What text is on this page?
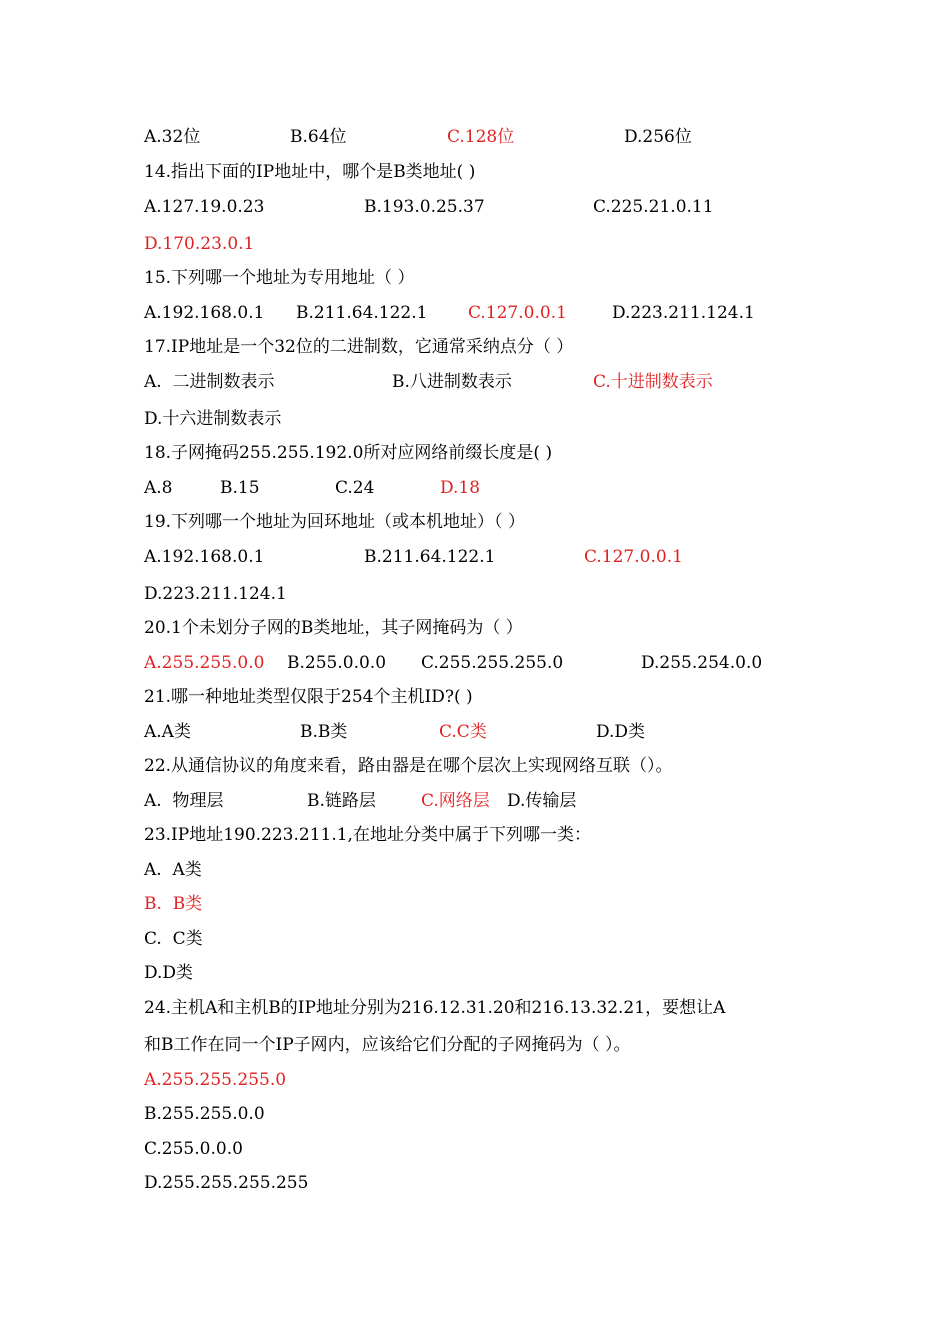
A.32位	B.64位	C.128位	D.256位
14.指出下面的IP地址中，哪个是B类地址( )
A.127.19.0.23	B.193.0.25.37	C.225.21.0.11
D.170.23.0.1
15.下列哪一个地址为专用地址（ ）
A.192.168.0.1 B.211.64.122.1 C.127.0.0.1	D.223.211.124.1
17.IP地址是一个32位的二进制数，它通常采纳点分（ ）
A.  二进制数表示	B.八进制数表示	C.十进制数表示
D.十六进制数表示
18.子网掩码255.255.192.0所对应网络前缀长度是( )
A.8	B.15	C.24	D.18
19.下列哪一个地址为回环地址（或本机地址）（ ）
A.192.168.0.1	B.211.64.122.1	C.127.0.0.1
D.223.211.124.1
20.1个未划分子网的B类地址，其子网掩码为（ ）
A.255.255.0.0 B.255.0.0.0 C.255.255.255.0	D.255.254.0.0
21.哪一种地址类型仅限于254个主机ID?( )
A.A类	B.B类	C.C类	D.D类
22.从通信协议的角度来看，路由器是在哪个层次上实现网络互联（）。
A.  物理层	B.链路层	C.网络层 D.传输层
23.IP地址190.223.211.1,在地址分类中属于下列哪一类：
A.  A类
B.  B类
C.  C类
D.D类
24.主机A和主机B的IP地址分别为216.12.31.20和216.13.32.21，要想让A
和B工作在同一个IP子网内，应该给它们分配的子网掩码为（ ）。
A.255.255.255.0
B.255.255.0.0
C.255.0.0.0
D.255.255.255.255
